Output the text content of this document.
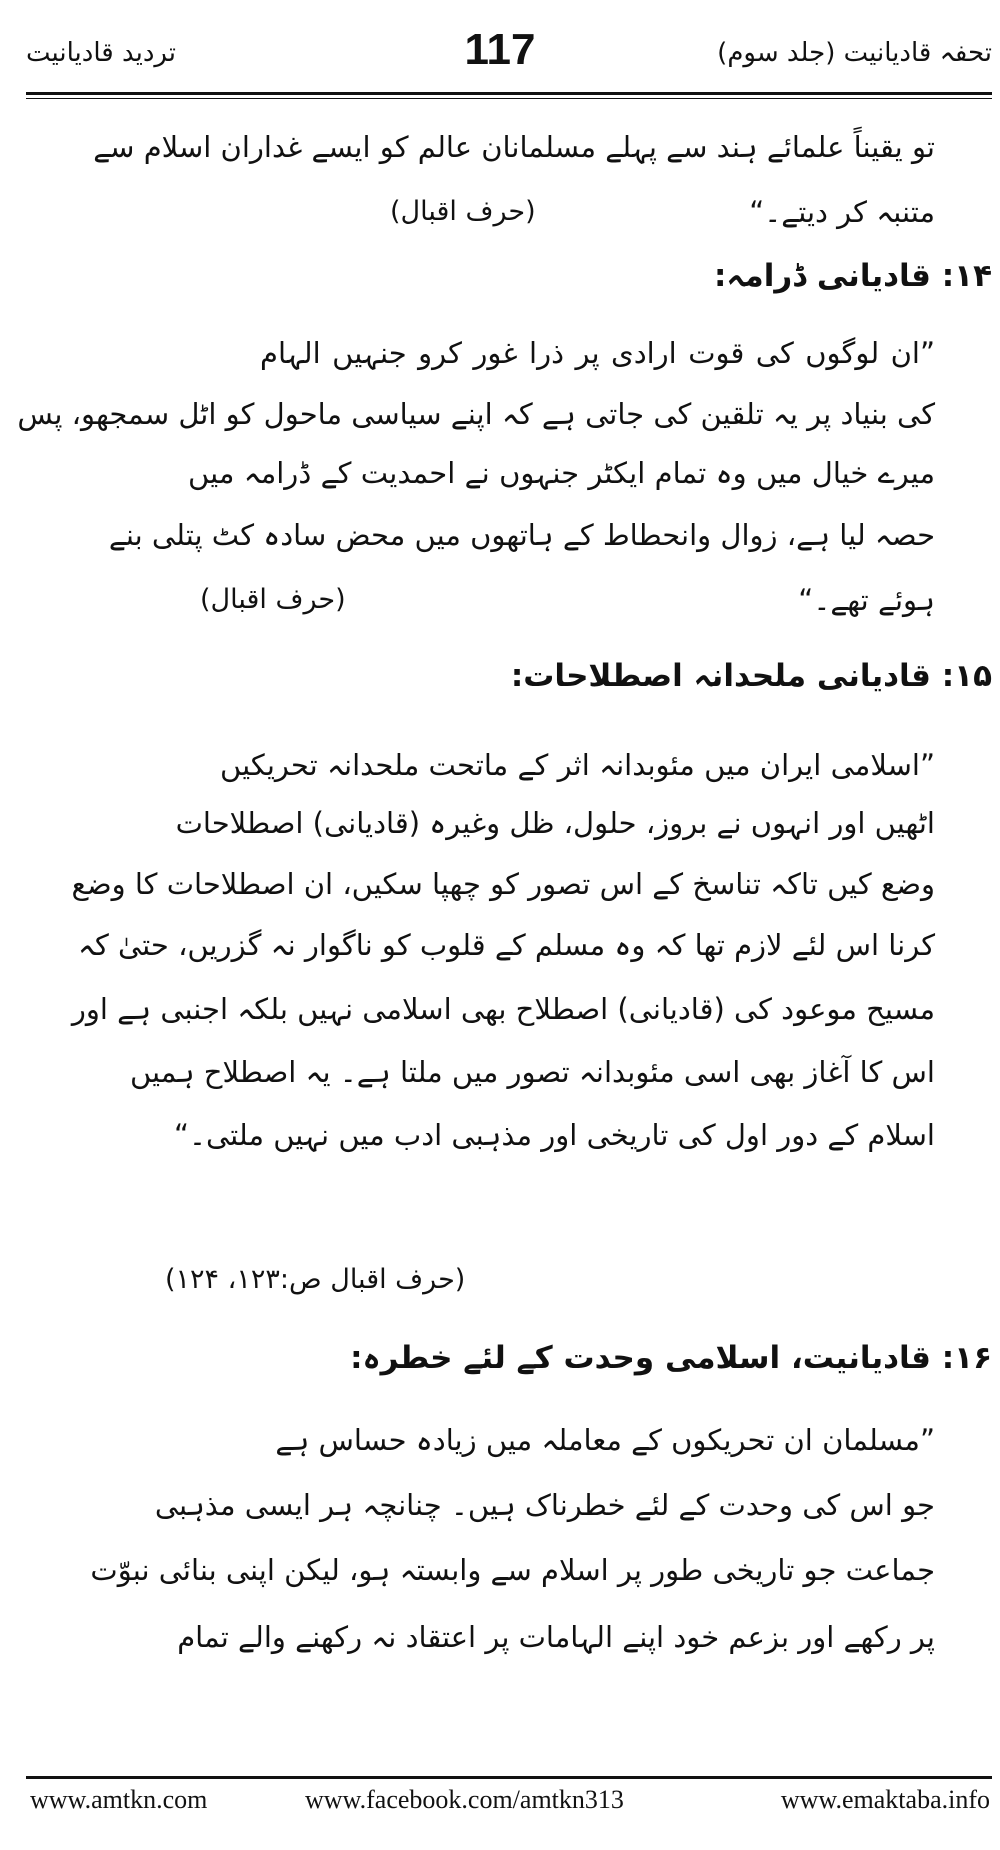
تحفہ قادیانیت (جلد سوم)
117
تردید قادیانیت
تو یقیناً علمائے ہند سے پہلے مسلمانان عالم کو ایسے غداران اسلام سے
متنبہ کر دیتے۔“
(حرف اقبال)
۱۴: قادیانی ڈرامہ:
”ان لوگوں کی قوت ارادی پر ذرا غور کرو جنہیں الہام
کی بنیاد پر یہ تلقین کی جاتی ہے کہ اپنے سیاسی ماحول کو اٹل سمجھو، پس
میرے خیال میں وہ تمام ایکٹر جنہوں نے احمدیت کے ڈرامہ میں
حصہ لیا ہے، زوال وانحطاط کے ہاتھوں میں محض سادہ کٹ پتلی بنے
ہوئے تھے۔“
(حرف اقبال)
۱۵: قادیانی ملحدانہ اصطلاحات:
”اسلامی ایران میں مئوبدانہ اثر کے ماتحت ملحدانہ تحریکیں
اٹھیں اور انہوں نے بروز، حلول، ظل وغیرہ (قادیانی) اصطلاحات
وضع کیں تاکہ تناسخ کے اس تصور کو چھپا سکیں، ان اصطلاحات کا وضع
کرنا اس لئے لازم تھا کہ وہ مسلم کے قلوب کو ناگوار نہ گزریں، حتیٰ کہ
مسیح موعود کی (قادیانی) اصطلاح بھی اسلامی نہیں بلکہ اجنبی ہے اور
اس کا آغاز بھی اسی مئوبدانہ تصور میں ملتا ہے۔ یہ اصطلاح ہمیں
اسلام کے دور اول کی تاریخی اور مذہبی ادب میں نہیں ملتی۔“
(حرف اقبال ص:۱۲۳، ۱۲۴)
۱۶: قادیانیت، اسلامی وحدت کے لئے خطرہ:
”مسلمان ان تحریکوں کے معاملہ میں زیادہ حساس ہے
جو اس کی وحدت کے لئے خطرناک ہیں۔ چنانچہ ہر ایسی مذہبی
جماعت جو تاریخی طور پر اسلام سے وابستہ ہو، لیکن اپنی بنائی نبوّت
پر رکھے اور بزعم خود اپنے الہامات پر اعتقاد نہ رکھنے والے تمام
www.amtkn.com	www.facebook.com/amtkn313	www.emaktaba.info
